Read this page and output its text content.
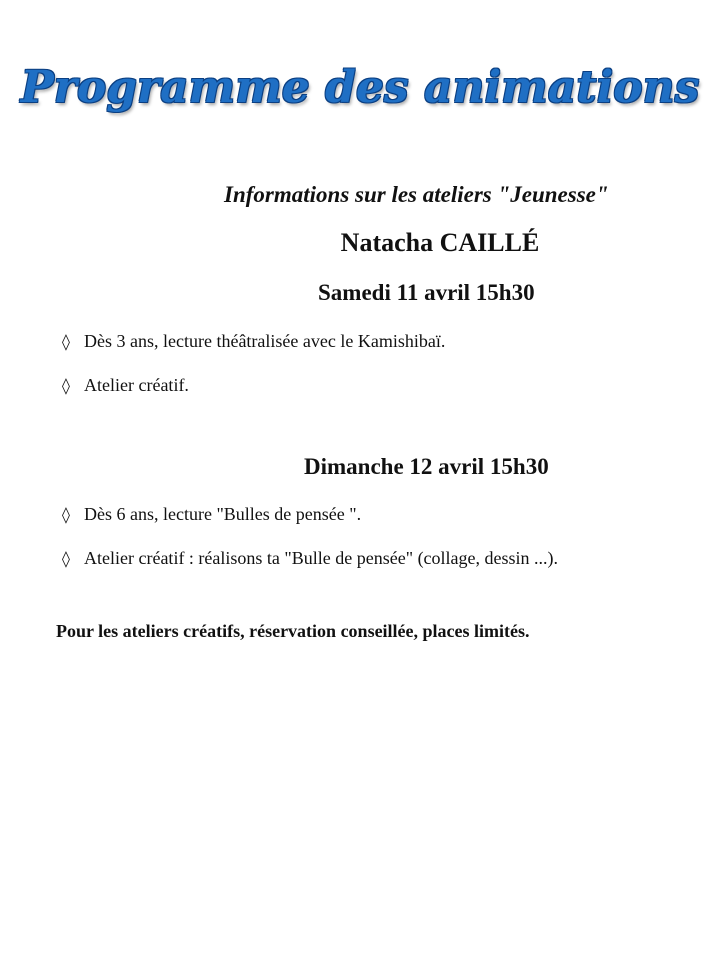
Programme des animations
Informations sur les ateliers "Jeunesse"
Natacha CAILLÉ
Samedi 11 avril 15h30
◊ Dès 3 ans, lecture théâtralisée avec le Kamishibaï.
◊ Atelier créatif.
Dimanche 12 avril 15h30
◊ Dès 6 ans, lecture "Bulles de pensée ".
◊ Atelier créatif : réalisons ta "Bulle de pensée" (collage, dessin ...).
Pour les ateliers créatifs, réservation conseillée, places limités.
